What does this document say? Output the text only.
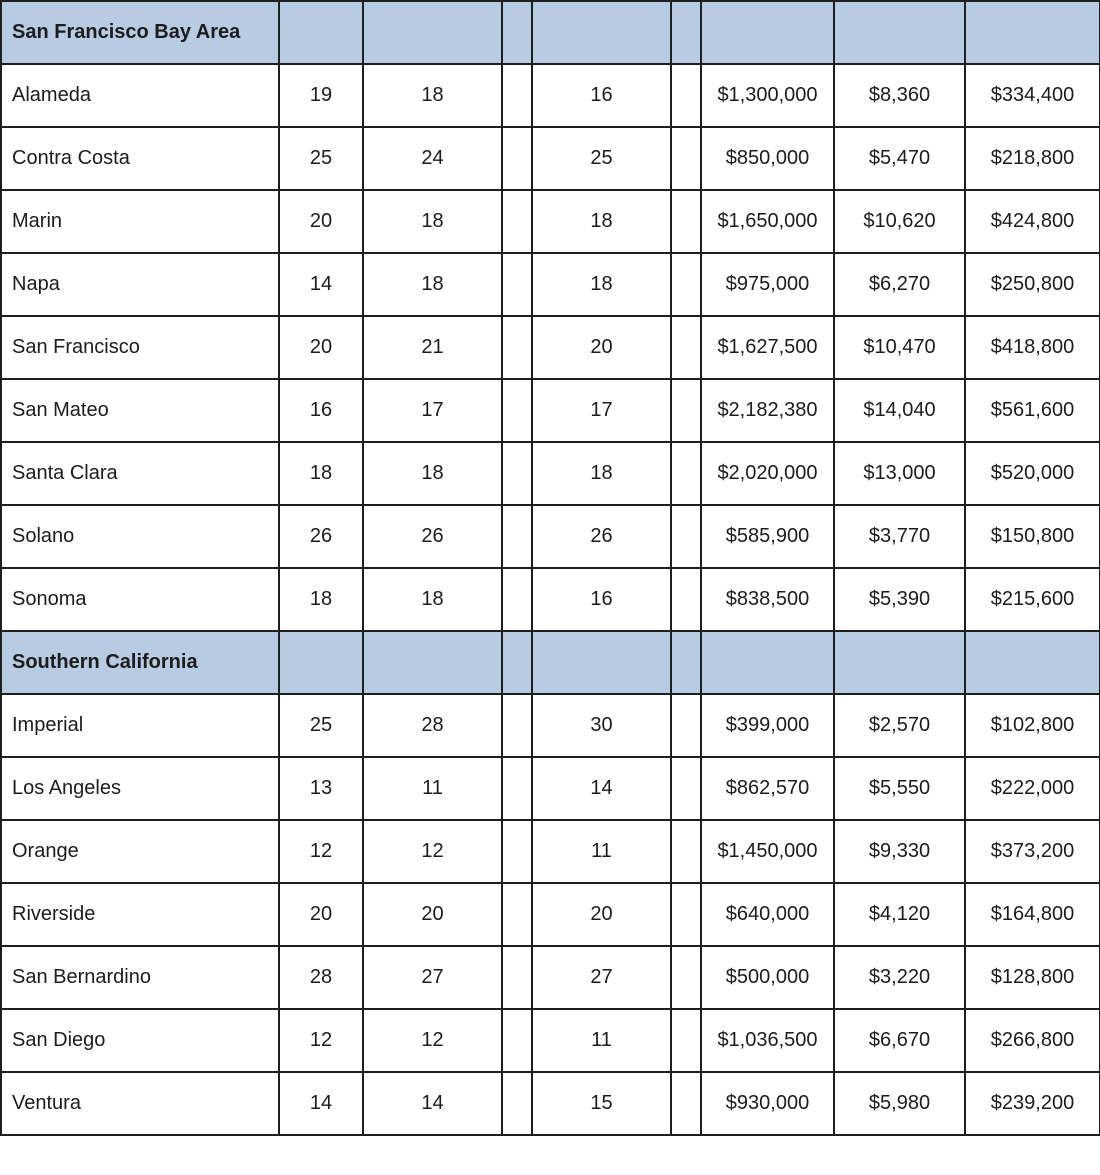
San Francisco Bay Area								
Alameda	19	18		16		$1,300,000	$8,360	$334,400
Contra Costa	25	24		25		$850,000	$5,470	$218,800
Marin	20	18		18		$1,650,000	$10,620	$424,800
Napa	14	18		18		$975,000	$6,270	$250,800
San Francisco	20	21		20		$1,627,500	$10,470	$418,800
San Mateo	16	17		17		$2,182,380	$14,040	$561,600
Santa Clara	18	18		18		$2,020,000	$13,000	$520,000
Solano	26	26		26		$585,900	$3,770	$150,800
Sonoma	18	18		16		$838,500	$5,390	$215,600
Southern California								
Imperial	25	28		30		$399,000	$2,570	$102,800
Los Angeles	13	11		14		$862,570	$5,550	$222,000
Orange	12	12		11		$1,450,000	$9,330	$373,200
Riverside	20	20		20		$640,000	$4,120	$164,800
San Bernardino	28	27		27		$500,000	$3,220	$128,800
San Diego	12	12		11		$1,036,500	$6,670	$266,800
Ventura	14	14		15		$930,000	$5,980	$239,200
